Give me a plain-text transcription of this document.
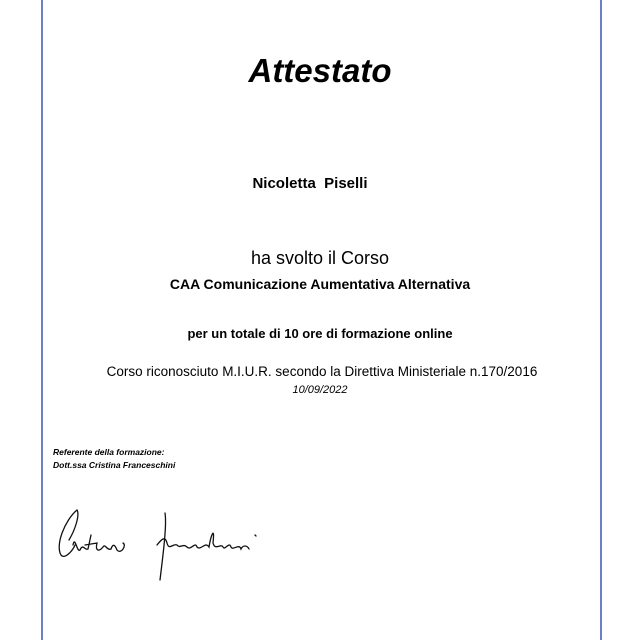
Attestato
Nicoletta  Piselli
ha svolto il Corso
CAA Comunicazione Aumentativa Alternativa
per un totale di 10 ore di formazione online
Corso riconosciuto M.I.U.R. secondo la Direttiva Ministeriale n.170/2016
10/09/2022
Referente della formazione:
Dott.ssa Cristina Franceschini
